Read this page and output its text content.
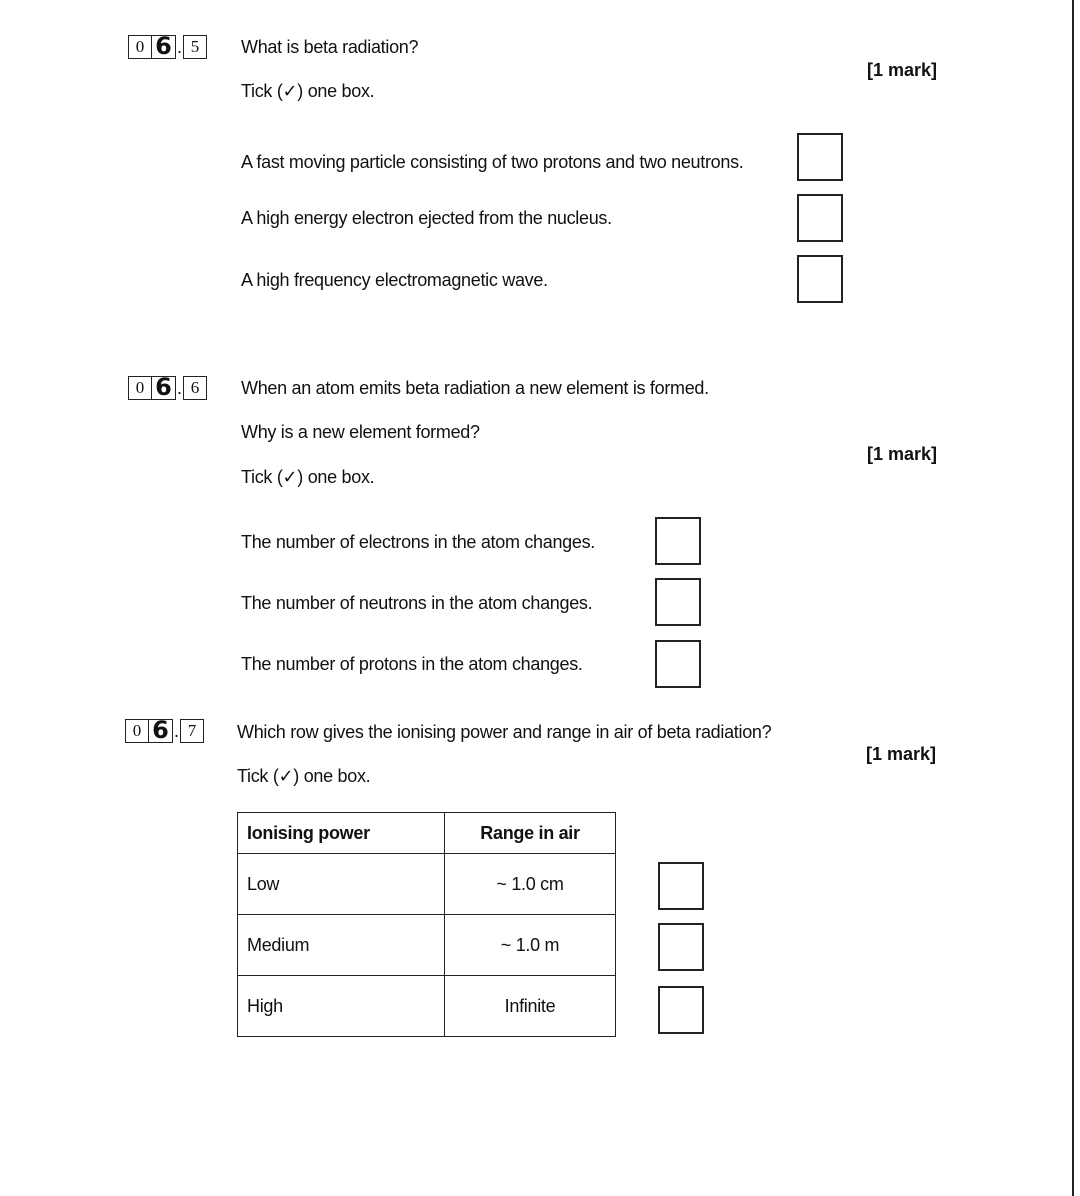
0 6 . 5	What is beta radiation?
[1 mark]
Tick (✓) one box.
A fast moving particle consisting of two protons and two neutrons.
A high energy electron ejected from the nucleus.
A high frequency electromagnetic wave.
0 6 . 6	When an atom emits beta radiation a new element is formed.
Why is a new element formed?
[1 mark]
Tick (✓) one box.
The number of electrons in the atom changes.
The number of neutrons in the atom changes.
The number of protons in the atom changes.
0 6 . 7	Which row gives the ionising power and range in air of beta radiation?
[1 mark]
Tick (✓) one box.
Ionising power	Range in air
Low	~ 1.0 cm
Medium	~ 1.0 m
High	Infinite
